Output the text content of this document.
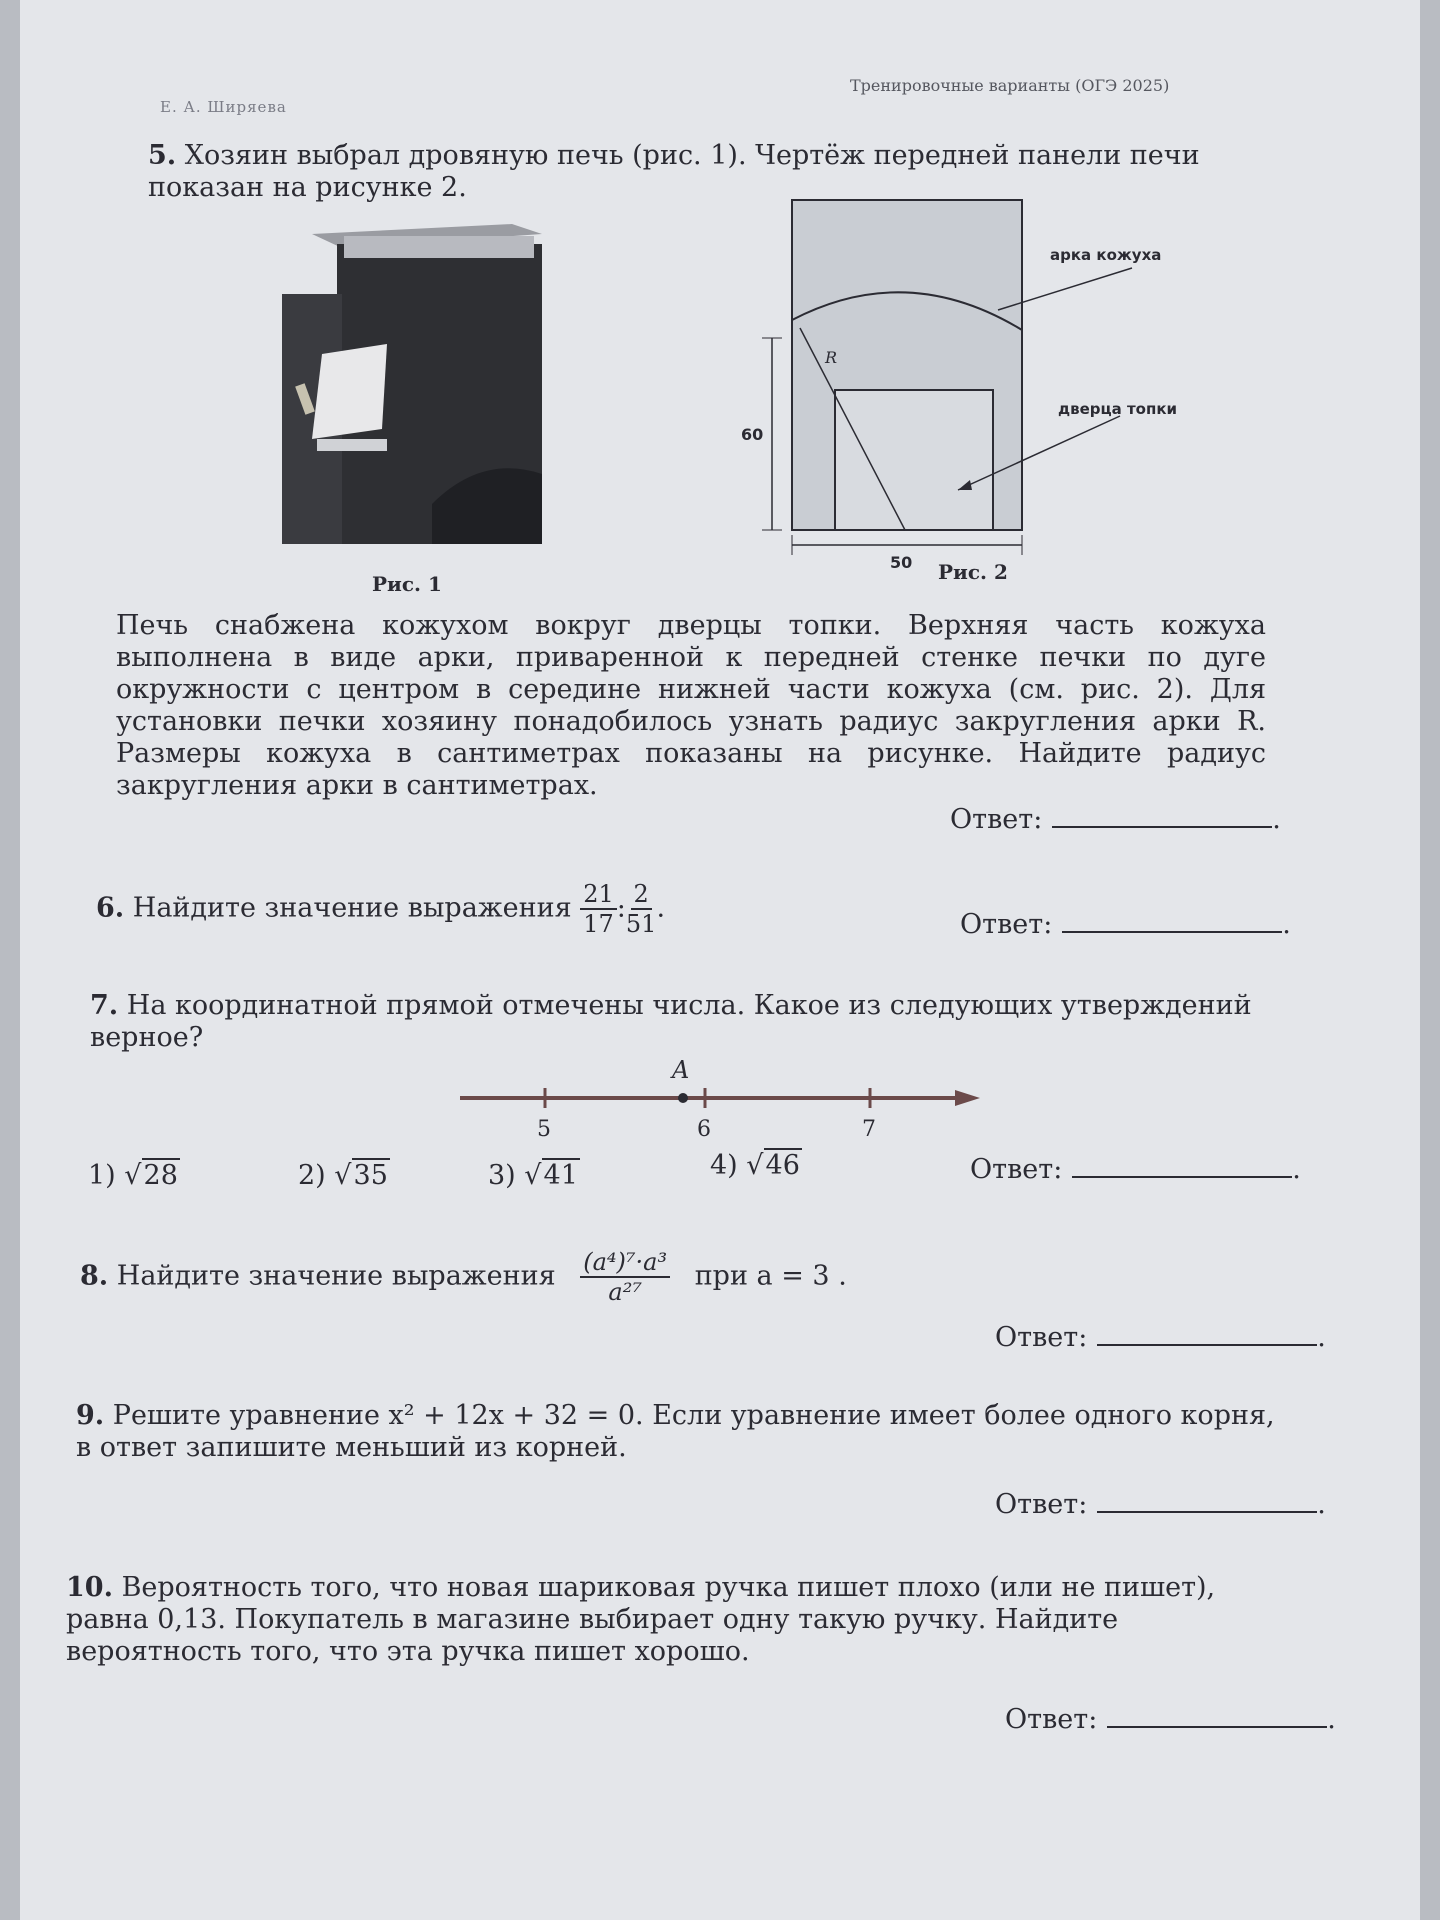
Е. А. Ширяева
Тренировочные варианты (ОГЭ 2025)
5. Хозяин выбрал дровяную печь (рис. 1). Чертёж передней панели печи показан на рисунке 2.
Рис. 1
60
50
R
арка кожуха
дверца топки
Рис. 2
Печь снабжена кожухом вокруг дверцы топки. Верхняя часть кожуха выполнена в виде арки, приваренной к передней стенке печки по дуге окружности с центром в середине нижней части кожуха (см. рис. 2). Для установки печки хозяину понадобилось узнать радиус закругления арки R. Размеры кожуха в сантиметрах показаны на рисунке. Найдите радиус закругления арки в сантиметрах.
Ответ:	.
6. Найдите значение выражения $\frac{21}{17}$ : $\frac{2}{51}$ .
Ответ:	.
7. На координатной прямой отмечены числа. Какое из следующих утверждений верное?
A
5	6	7
1) √28	2) √35	3) √41	4) √46	Ответ:	.
8. Найдите значение выражения $\frac{\text{(a⁴)⁷·a³}}{\text{a²⁷}}$ при a = 3 .
Ответ:	.
9. Решите уравнение x² + 12x + 32 = 0. Если уравнение имеет более одного корня, в ответ запишите меньший из корней.
Ответ:	.
10. Вероятность того, что новая шариковая ручка пишет плохо (или не пишет), равна 0,13. Покупатель в магазине выбирает одну такую ручку. Найдите вероятность того, что эта ручка пишет хорошо.
Ответ:	.
